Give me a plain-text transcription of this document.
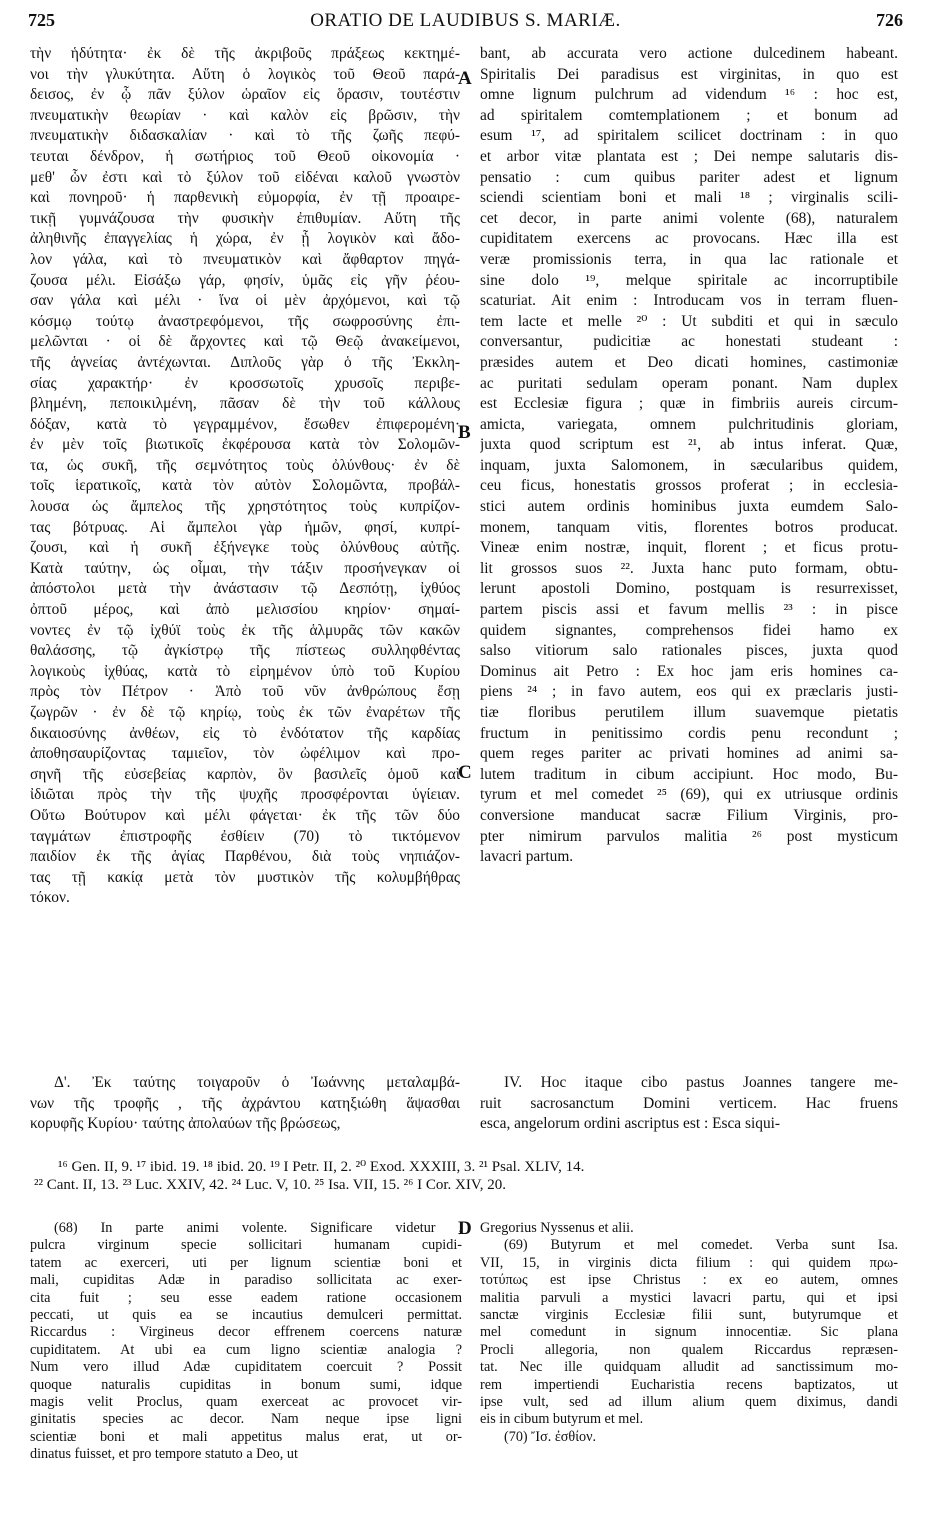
725	ORATIO DE LAUDIBUS S. MARIÆ.	726
A
B
C
D
τὴν ἡδύτητα· ἐκ δὲ τῆς ἀκριβοῦς πράξεως κεκτημέ-
νοι τὴν γλυκύτητα. Αὕτη ὁ λογικὸς τοῦ Θεοῦ παρά-
δεισος, ἐν ᾧ πᾶν ξύλον ὡραῖον εἰς ὅρασιν, τουτέστιν
πνευματικὴν θεωρίαν · καὶ καλὸν εἰς βρῶσιν, τὴν
πνευματικὴν διδασκαλίαν · καὶ τὸ τῆς ζωῆς πεφύ-
τευται δένδρον, ἡ σωτήριος τοῦ Θεοῦ οἰκονομία ·
μεθ' ὧν ἐστι καὶ τὸ ξύλον τοῦ εἰδέναι καλοῦ γνωστὸν
καὶ πονηροῦ· ἡ παρθενικὴ εὐμορφία, ἐν τῇ προαιρε-
τικῇ γυμνάζουσα τὴν φυσικὴν ἐπιθυμίαν. Αὕτη τῆς
ἀληθινῆς ἐπαγγελίας ἡ χώρα, ἐν ᾗ λογικὸν καὶ ἄδο-
λον γάλα, καὶ τὸ πνευματικὸν καὶ ἄφθαρτον πηγά-
ζουσα μέλι. Εἰσάξω γάρ, φησίν, ὑμᾶς εἰς γῆν ῥέου-
σαν γάλα καὶ μέλι · ἵνα οἱ μὲν ἀρχόμενοι, καὶ τῷ
κόσμῳ τούτῳ ἀναστρεφόμενοι, τῆς σωφροσύνης ἐπι-
μελῶνται · οἱ δὲ ἄρχοντες καὶ τῷ Θεῷ ἀνακείμενοι,
τῆς ἁγνείας ἀντέχωνται. Διπλοῦς γὰρ ὁ τῆς Ἐκκλη-
σίας χαρακτήρ· ἐν κροσσωτοῖς χρυσοῖς περιβε-
βλημένη, πεποικιλμένη, πᾶσαν δὲ τὴν τοῦ κάλλους
δόξαν, κατὰ τὸ γεγραμμένον, ἔσωθεν ἐπιφερομένη·
ἐν μὲν τοῖς βιωτικοῖς ἐκφέρουσα κατὰ τὸν Σολομῶν-
τα, ὡς συκῆ, τῆς σεμνότητος τοὺς ὀλύνθους· ἐν δὲ
τοῖς ἱερατικοῖς, κατὰ τὸν αὐτὸν Σολομῶντα, προβάλ-
λουσα ὡς ἄμπελος τῆς χρηστότητος τοὺς κυπρίζον-
τας βότρυας. Αἱ ἄμπελοι γὰρ ἡμῶν, φησί, κυπρί-
ζουσι, καὶ ἡ συκῆ ἐξήνεγκε τοὺς ὀλύνθους αὐτῆς.
Κατὰ ταύτην, ὡς οἶμαι, τὴν τάξιν προσήνεγκαν οἱ
ἀπόστολοι μετὰ τὴν ἀνάστασιν τῷ Δεσπότῃ, ἰχθύος
ὀπτοῦ μέρος, καὶ ἀπὸ μελισσίου κηρίον· σημαί-
νοντες ἐν τῷ ἰχθύϊ τοὺς ἐκ τῆς ἁλμυρᾶς τῶν κακῶν
θαλάσσης, τῷ ἀγκίστρῳ τῆς πίστεως συλληφθέντας
λογικοὺς ἰχθύας, κατὰ τὸ εἰρημένον ὑπὸ τοῦ Κυρίου
πρὸς τὸν Πέτρον · Ἀπὸ τοῦ νῦν ἀνθρώπους ἔσῃ
ζωγρῶν · ἐν δὲ τῷ κηρίῳ, τοὺς ἐκ τῶν ἐναρέτων τῆς
δικαιοσύνης ἀνθέων, εἰς τὸ ἐνδότατον τῆς καρδίας
ἀποθησαυρίζοντας ταμιεῖον, τὸν ὠφέλιμον καὶ προ-
σηνῆ τῆς εὐσεβείας καρπὸν, ὃν βασιλεῖς ὁμοῦ καὶ
ἰδιῶται πρὸς τὴν τῆς ψυχῆς προσφέρονται ὑγίειαν.
Οὕτω Βούτυρον καὶ μέλι φάγεται· ἐκ τῆς τῶν δύο
ταγμάτων ἐπιστροφῆς ἐσθίειν (70) τὸ τικτόμενον
παιδίον ἐκ τῆς ἁγίας Παρθένου, διὰ τοὺς νηπιάζον-
τας τῇ κακίᾳ μετὰ τὸν μυστικὸν τῆς κολυμβήθρας
τόκον.
bant, ab accurata vero actione dulcedinem habeant.
Spiritalis Dei paradisus est virginitas, in quo est
omne lignum pulchrum ad videndum ¹⁶ : hoc est,
ad spiritalem comtemplationem ; et bonum ad
esum ¹⁷, ad spiritalem scilicet doctrinam : in quo
et arbor vitæ plantata est ; Dei nempe salutaris dis-
pensatio : cum quibus pariter adest et lignum
sciendi scientiam boni et mali ¹⁸ ; virginalis scili-
cet decor, in parte animi volente (68), naturalem
cupiditatem exercens ac provocans. Hæc illa est
veræ promissionis terra, in qua lac rationale et
sine dolo ¹⁹, melque spiritale ac incorruptibile
scaturiat. Ait enim : Introducam vos in terram fluen-
tem lacte et melle ²⁰ : Ut subditi et qui in sæculo
conversantur, pudicitiæ ac honestati studeant :
præsides autem et Deo dicati homines, castimoniæ
ac puritati sedulam operam ponant. Nam duplex
est Ecclesiæ figura ; quæ in fimbriis aureis circum-
amicta, variegata, omnem pulchritudinis gloriam,
juxta quod scriptum est ²¹, ab intus inferat. Quæ,
inquam, juxta Salomonem, in sæcularibus quidem,
ceu ficus, honestatis grossos proferat ; in ecclesia-
stici autem ordinis hominibus juxta eumdem Salo-
monem, tanquam vitis, florentes botros producat.
Vineæ enim nostræ, inquit, florent ; et ficus protu-
lit grossos suos ²². Juxta hanc puto formam, obtu-
lerunt apostoli Domino, postquam is resurrexisset,
partem piscis assi et favum mellis ²³ : in pisce
quidem signantes, comprehensos fidei hamo ex
salso vitiorum salo rationales pisces, juxta quod
Dominus ait Petro : Ex hoc jam eris homines ca-
piens ²⁴ ; in favo autem, eos qui ex præclaris justi-
tiæ floribus perutilem illum suavemque pietatis
fructum in penitissimo cordis penu recondunt ;
quem reges pariter ac privati homines ad animi sa-
lutem traditum in cibum accipiunt. Hoc modo, Bu-
tyrum et mel comedet ²⁵ (69), qui ex utriusque ordinis
conversione manducat sacræ Filium Virginis, pro-
pter nimirum parvulos malitia ²⁶ post mysticum
lavacri partum.
Δ'. Ἐκ ταύτης τοιγαροῦν ὁ Ἰωάννης μεταλαμβά-
νων τῆς τροφῆς , τῆς ἀχράντου κατηξιώθη ἅψασθαι
κορυφῆς Κυρίου· ταύτης ἀπολαύων τῆς βρώσεως,
IV. Hoc itaque cibo pastus Joannes tangere me-
ruit sacrosanctum Domini verticem. Hac fruens
esca, angelorum ordini ascriptus est : Esca siqui-
¹⁶ Gen. II, 9. ¹⁷ ibid. 19. ¹⁸ ibid. 20. ¹⁹ I Petr. II, 2. ²⁰ Exod. XXXIII, 3. ²¹ Psal. XLIV, 14.
²² Cant. II, 13. ²³ Luc. XXIV, 42. ²⁴ Luc. V, 10. ²⁵ Isa. VII, 15. ²⁶ I Cor. XIV, 20.
(68) In parte animi volente. Significare videtur ,
pulcra virginum specie sollicitari humanam cupidi-
tatem ac exerceri, uti per lignum scientiæ boni et
mali, cupiditas Adæ in paradiso sollicitata ac exer-
cita fuit ; seu esse eadem ratione occasionem
peccati, ut quis ea se incautius demulceri permittat.
Riccardus : Virgineus decor effrenem coercens naturæ
cupiditatem. At ubi ea cum ligno scientiæ analogia ?
Num vero illud Adæ cupiditatem coercuit ? Possit
quoque naturalis cupiditas in bonum sumi, idque
magis velit Proclus, quam exerceat ac provocet vir-
ginitatis species ac decor. Nam neque ipse ligni
scientiæ boni et mali appetitus malus erat, ut or-
dinatus fuisset, et pro tempore statuto a Deo, ut
Gregorius Nyssenus et alii.
(69) Butyrum et mel comedet. Verba sunt Isa.
VII, 15, in virginis dicta filium : qui quidem πρω-
τοτύπως est ipse Christus : ex eo autem, omnes
malitia parvuli a mystici lavacri partu, qui et ipsi
sanctæ virginis Ecclesiæ filii sunt, butyrumque et
mel comedunt in signum innocentiæ. Sic plana
Procli allegoria, non qualem Riccardus repræsen-
tat. Nec ille quidquam alludit ad sanctissimum mo-
rem impertiendi Eucharistia recens baptizatos, ut
ipse vult, sed ad illum alium quem diximus, dandi
eis in cibum butyrum et mel.
(70) Ἴσ. ἐσθίον.
